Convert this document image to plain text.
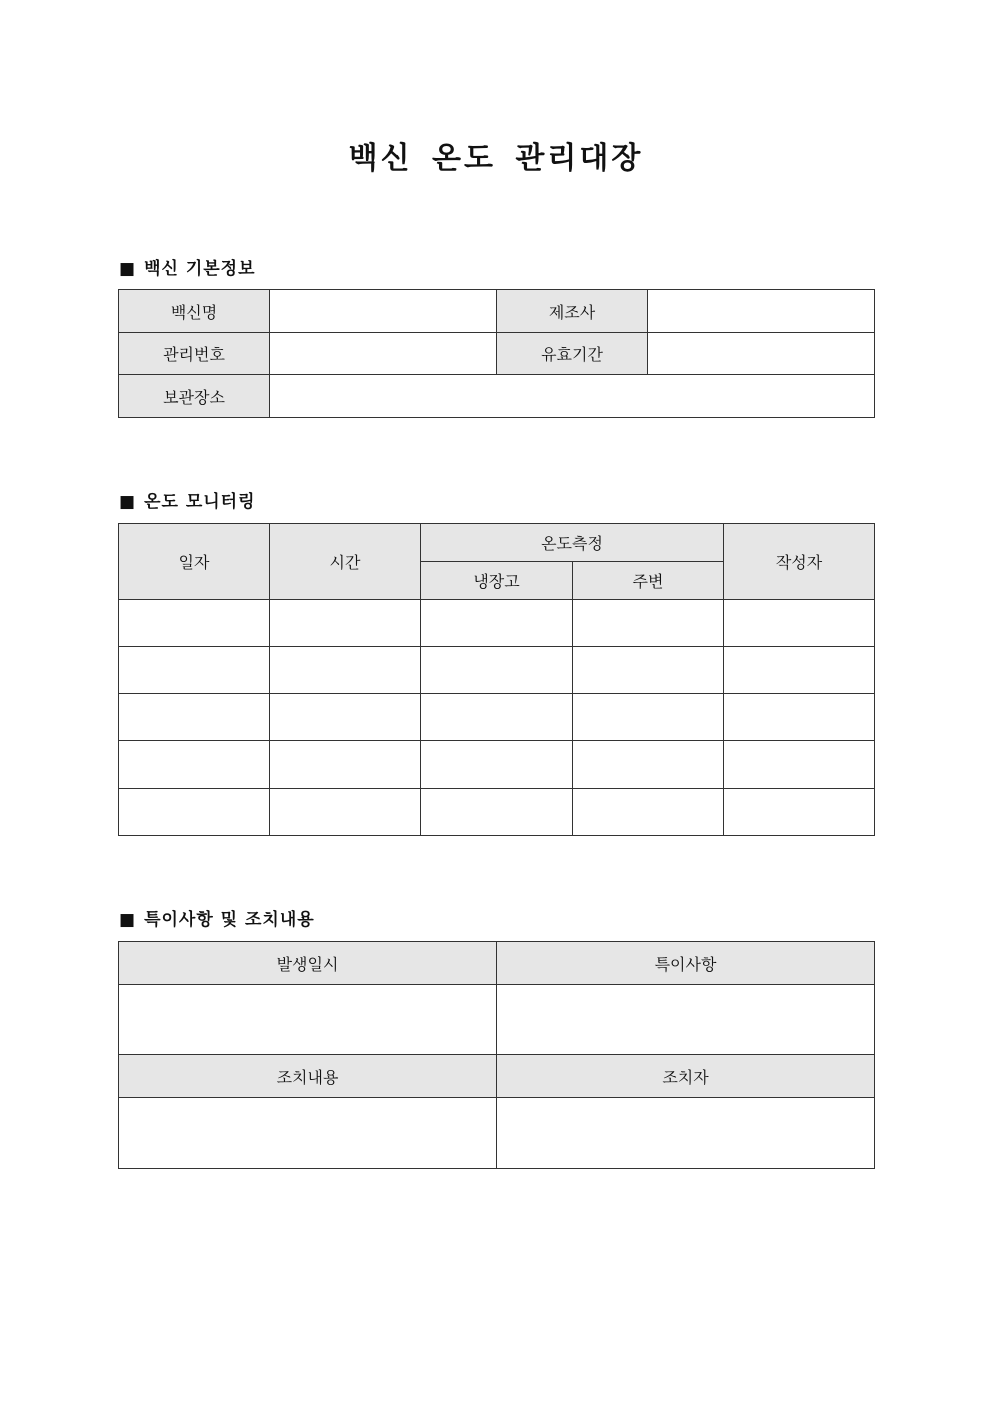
백신 온도 관리대장
■ 백신 기본정보
백신명		제조사	
관리번호		유효기간	
보관장소			
■ 온도 모니터링
일자	시간	온도측정		작성자
		냉장고	주변	

■ 특이사항 및 조치내용
발생일시	특이사항

조치내용	조치자
